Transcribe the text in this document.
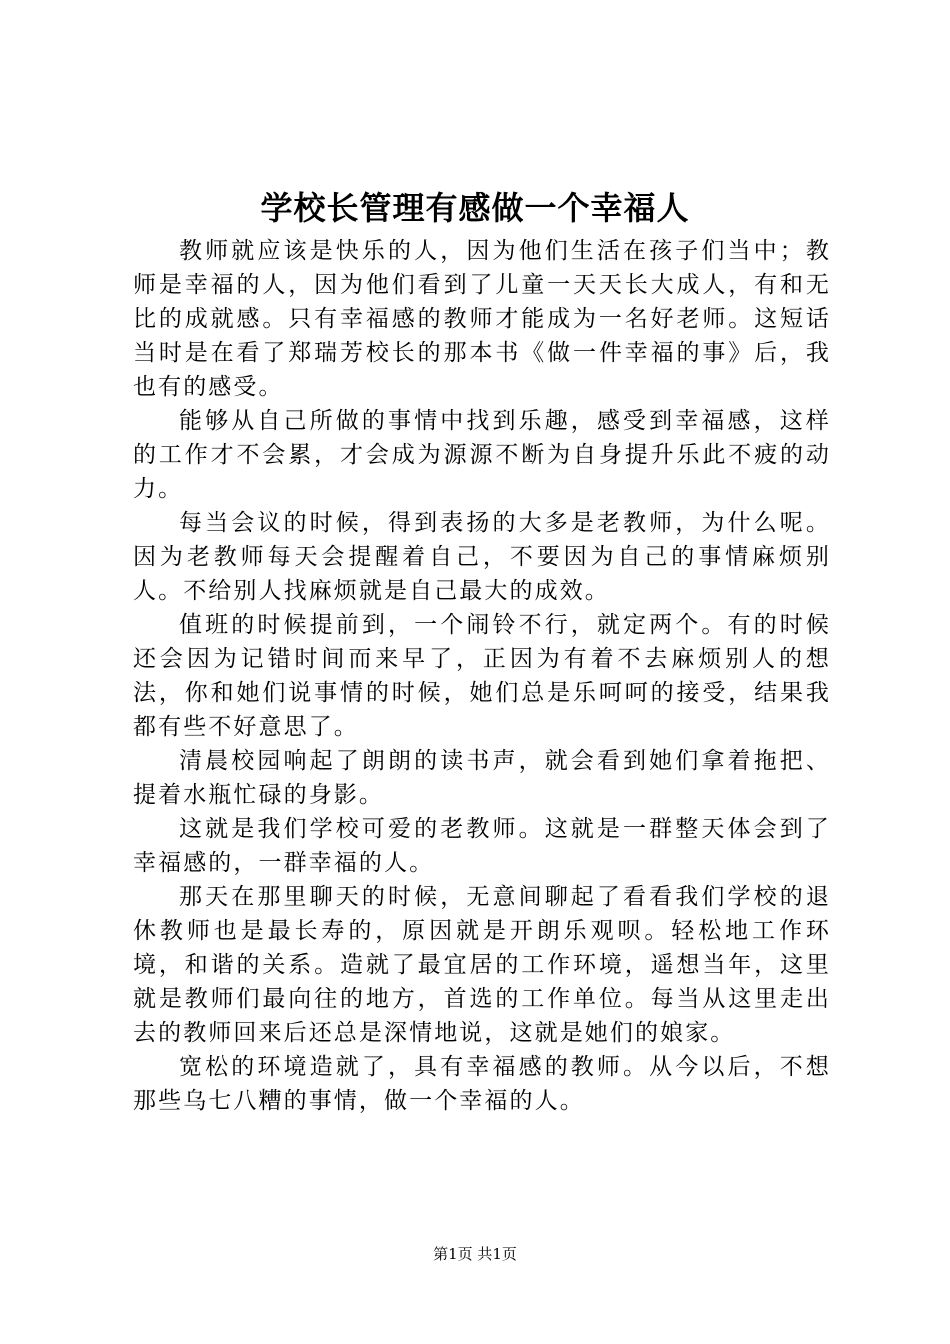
学校长管理有感做一个幸福人

教师就应该是快乐的人，因为他们生活在孩子们当中；教师是幸福的人，因为他们看到了儿童一天天长大成人，有和无比的成就感。只有幸福感的教师才能成为一名好老师。这短话当时是在看了郑瑞芳校长的那本书《做一件幸福的事》后，我也有的感受。

能够从自己所做的事情中找到乐趣，感受到幸福感，这样的工作才不会累，才会成为源源不断为自身提升乐此不疲的动力。

每当会议的时候，得到表扬的大多是老教师，为什么呢。因为老教师每天会提醒着自己，不要因为自己的事情麻烦别人。不给别人找麻烦就是自己最大的成效。

值班的时候提前到，一个闹铃不行，就定两个。有的时候还会因为记错时间而来早了，正因为有着不去麻烦别人的想法，你和她们说事情的时候，她们总是乐呵呵的接受，结果我都有些不好意思了。

清晨校园响起了朗朗的读书声，就会看到她们拿着拖把、提着水瓶忙碌的身影。

这就是我们学校可爱的老教师。这就是一群整天体会到了幸福感的，一群幸福的人。

那天在那里聊天的时候，无意间聊起了看看我们学校的退休教师也是最长寿的，原因就是开朗乐观呗。轻松地工作环境，和谐的关系。造就了最宜居的工作环境，遥想当年，这里就是教师们最向往的地方，首选的工作单位。每当从这里走出去的教师回来后还总是深情地说，这就是她们的娘家。

宽松的环境造就了，具有幸福感的教师。从今以后，不想那些乌七八糟的事情，做一个幸福的人。

第1页 共1页
